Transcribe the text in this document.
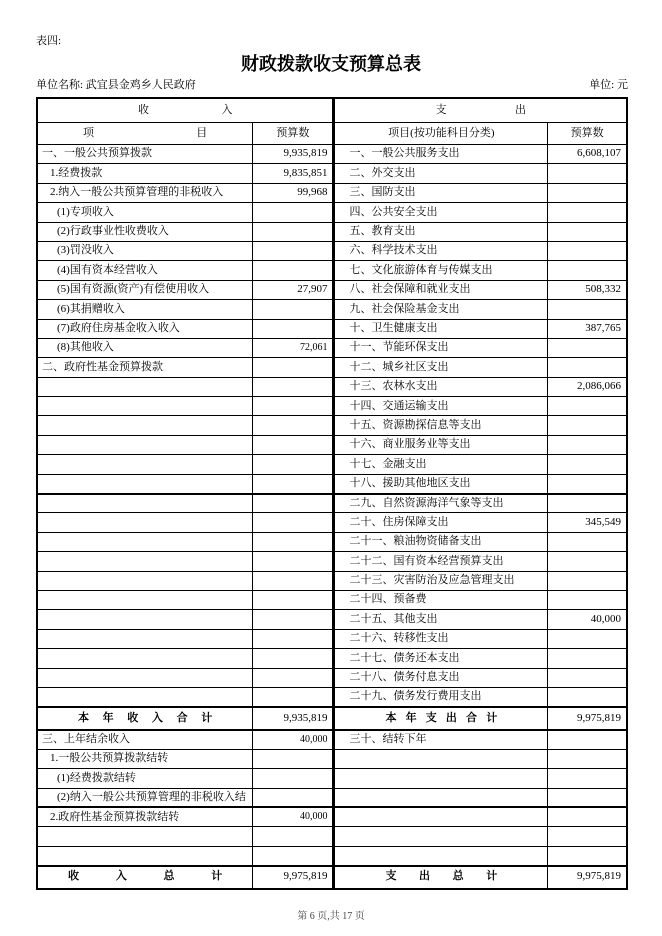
表四:
财政拨款收支预算总表
单位名称: 武宜县金鸡乡人民政府	单位: 元
收入		支出	
项目	预算数	项目(按功能科目分类)	预算数
一、一般公共预算拨款	9,935,819	一、一般公共服务支出	6,608,107
1.经费拨款	9,835,851	二、外交支出	
2.纳入一般公共预算管理的非税收入	99,968	三、国防支出	
(1)专项收入		四、公共安全支出	
(2)行政事业性收费收入		五、教育支出	
(3)罚没收入		六、科学技术支出	
(4)国有资本经营收入		七、文化旅游体育与传媒支出	
(5)国有资源(资产)有偿使用收入	27,907	八、社会保障和就业支出	508,332
(6)其捐赠收入		九、社会保险基金支出	
(7)政府住房基金收入收入		十、卫生健康支出	387,765
(8)其他收入	72,061	十一、节能环保支出	
二、政府性基金预算拨款		十二、城乡社区支出	
		十三、农林水支出	2,086,066
		十四、交通运输支出	
		十五、资源勘探信息等支出	
		十六、商业服务业等支出	
		十七、金融支出	
		十八、援助其他地区支出	
		二九、自然资源海洋气象等支出	
		二十、住房保障支出	345,549
		二十一、粮油物资储备支出	
		二十二、国有资本经营预算支出	
		二十三、灾害防治及应急管理支出	
		二十四、预备费	
		二十五、其他支出	40,000
		二十六、转移性支出	
		二十七、债务还本支出	
		二十八、债务付息支出	
		二十九、债务发行费用支出	
本年收入合计	9,935,819	本年支出合计	9,975,819
三、上年结余收入	40,000	三十、结转下年	
1.一般公共预算拨款结转			
(1)经费拨款结转			
(2)纳入一般公共预算管理的非税收入结			
2.政府性基金预算拨款结转	40,000		

收入总计	9,975,819	支出总计	9,975,819
第 6 页,共 17 页
